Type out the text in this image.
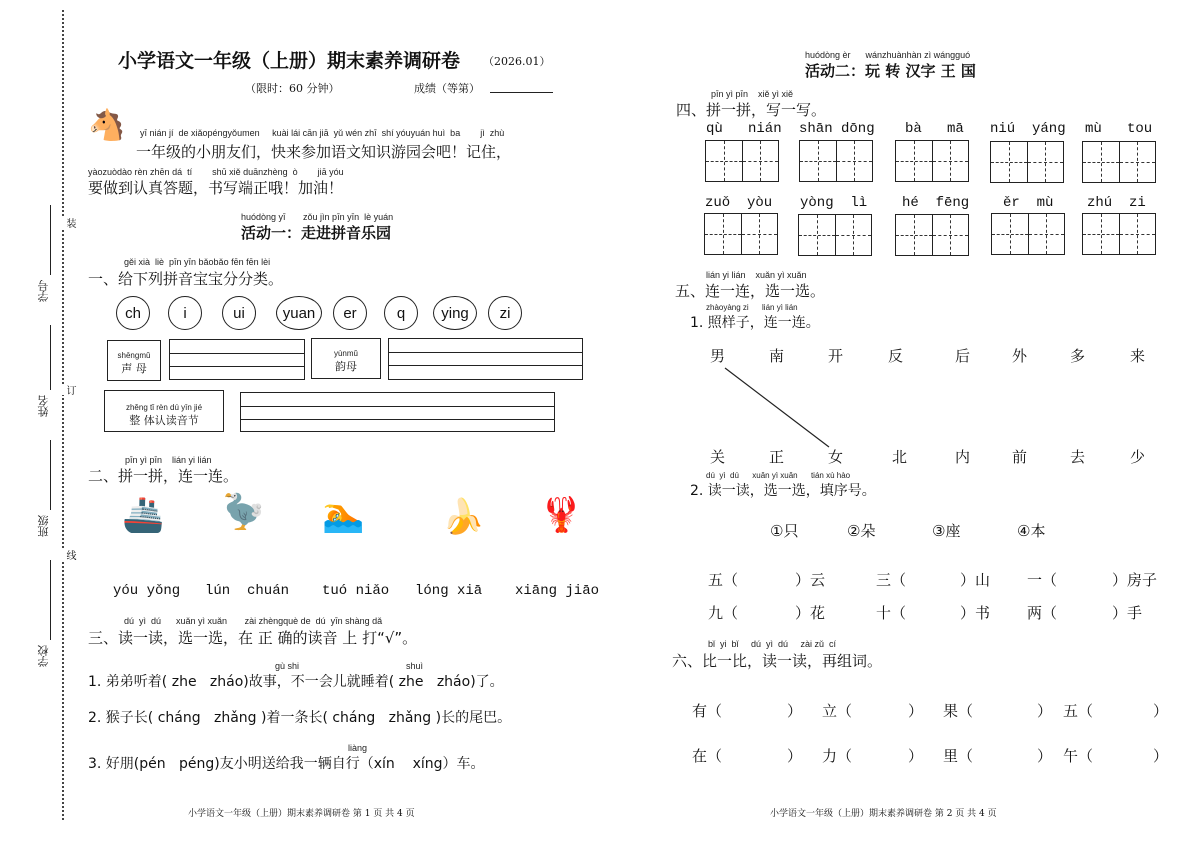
学号
姓名
班级
学校
装
订
线
小学语文一年级（上册）期末素养调研卷 （2026.01）
（限时：60 分钟）	成绩（等第）
🐴 yī nián jí  de xiǎopéngyǒumen     kuài lái cān jiā  yǔ wén zhī  shí yóuyuán huì  ba        jì  zhù
一年级的小朋友们，快来参加语文知识游园会吧！记住，
yàozuòdào rèn zhēn dá  tí        shū xiě duānzhèng  ò        jiā yóu
要做到认真答题，书写端正哦！加油！
huódòng yī       zǒu jìn pīn yīn  lè yuán
活动一：走进拼音乐园
gěi xià  liè  pīn yīn bǎobǎo fēn fēn lèi
一、给下列拼音宝宝分分类。
ch	i	ui	yuan	er	q	ying	zi
shēngmǔ
声 母
yùnmǔ
韵母
zhěng tǐ rèn dú yīn jié
整 体认读音节
pīn yì pīn    lián yi lián
二、拼一拼，连一连。
🚢 🦤 🏊 🍌 🦞
yóu yǒng lún  chuán tuó niǎo lóng xiā xiāng jiāo
dú  yì  dú      xuǎn yì xuǎn       zài zhèngquè de  dú  yīn shàng dǎ
三、读一读，选一选，在 正 确的读音 上 打“√”。
gù shi	shuì
1. 弟弟听着( zhe   zháo)故事，不一会儿就睡着( zhe   zháo)了。
2. 猴子长( cháng   zhǎng )着一条长( cháng   zhǎng )长的尾巴。
liàng
3. 好朋(pén   péng)友小明送给我一辆自行（xín    xíng）车。
小学语文一年级（上册）期末素养调研卷 第 1 页 共 4 页
huódòng èr      wánzhuànhàn zì wángguó
活动二：玩 转 汉字 王 国
pīn yì pīn    xiě yì xiě
四、拼一拼，写一写。
qù   nián shān dōng bà   mā niú  yáng mù   tou
zuǒ  yòu yòng  lì hé  fēng ěr  mù zhú  zi
lián yi lián    xuǎn yì xuǎn
五、连一连，选一选。
zhàoyàng zi      lián yì lián
1. 照样子，连一连。
男	南	开	反	后	外	多	来
关	正	女	北	内	前	去	少
dú  yì  dú      xuǎn yì xuǎn      tián xù hào
2. 读一读，选一选，填序号。
①只	②朵	③座	④本
五（	）云	三（	）山 一（	）房子
九（	）花	十（	）书 两（	）手
bǐ  yi  bǐ     dú  yì  dú     zài zǔ  cí
六、比一比，读一读，再组词。
有（	） 立（	） 果（	） 五（	）
在（	） 力（	） 里（	） 午（	）
小学语文一年级（上册）期末素养调研卷 第 2 页 共 4 页
